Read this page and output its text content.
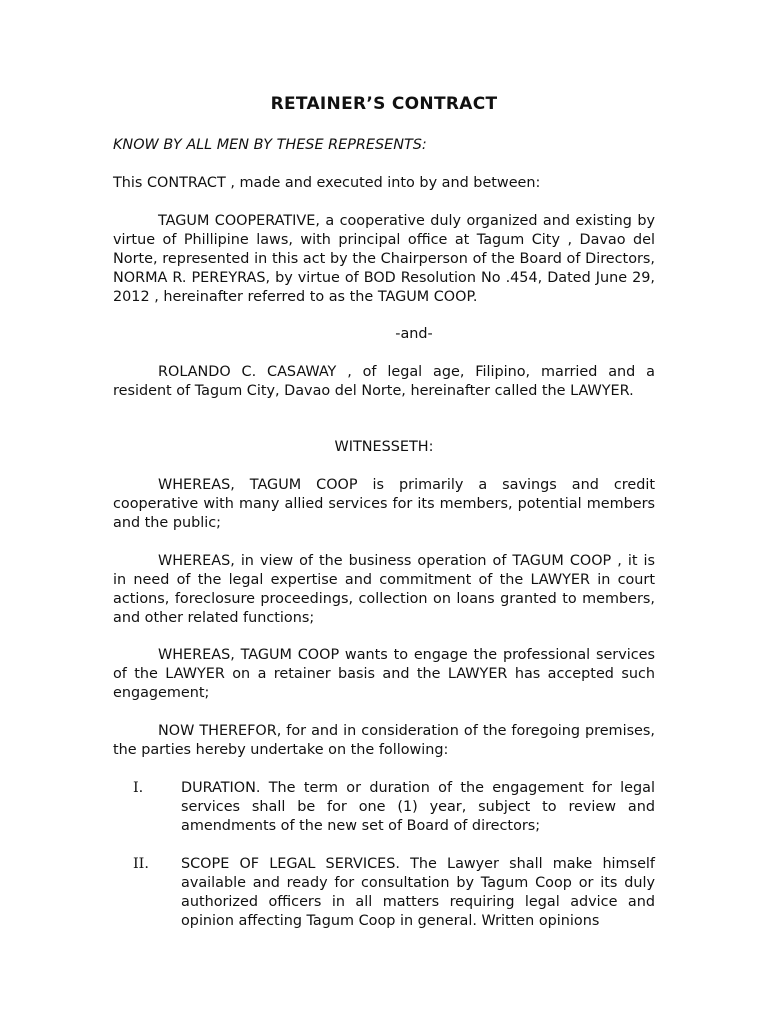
RETAINER’S CONTRACT
KNOW BY ALL MEN BY THESE REPRESENTS:
This CONTRACT , made and executed into by and between:

TAGUM COOPERATIVE, a cooperative duly organized and existing by virtue of Phillipine laws, with principal office at Tagum City , Davao del Norte, represented in this act by the Chairperson of the Board of Directors, NORMA R. PEREYRAS, by virtue of BOD Resolution No .454, Dated June 29, 2012 , hereinafter referred to as the TAGUM COOP.

-and-

ROLANDO C. CASAWAY , of legal age, Filipino, married and a resident of Tagum City, Davao del Norte, hereinafter called the LAWYER.

WITNESSETH:

WHEREAS, TAGUM COOP is primarily a savings and credit cooperative with many allied services for its members, potential members and the public;

WHEREAS, in view of the business operation of TAGUM COOP , it is in need of the legal expertise and commitment of the LAWYER in court actions, foreclosure proceedings, collection on loans granted to members, and other related functions;

WHEREAS, TAGUM COOP wants to engage the professional services of the LAWYER on a retainer basis and the LAWYER has accepted such engagement;

NOW THEREFOR, for and in consideration of the foregoing premises, the parties hereby undertake on the following:

I.	DURATION. The term or duration of the engagement for legal services shall be for one (1) year, subject to review and amendments of the new set of Board of directors;
II. SCOPE OF LEGAL SERVICES. The Lawyer shall make himself available and ready for consultation by Tagum Coop or its duly authorized officers in all matters requiring legal advice and opinion affecting Tagum Coop in general. Written opinions
